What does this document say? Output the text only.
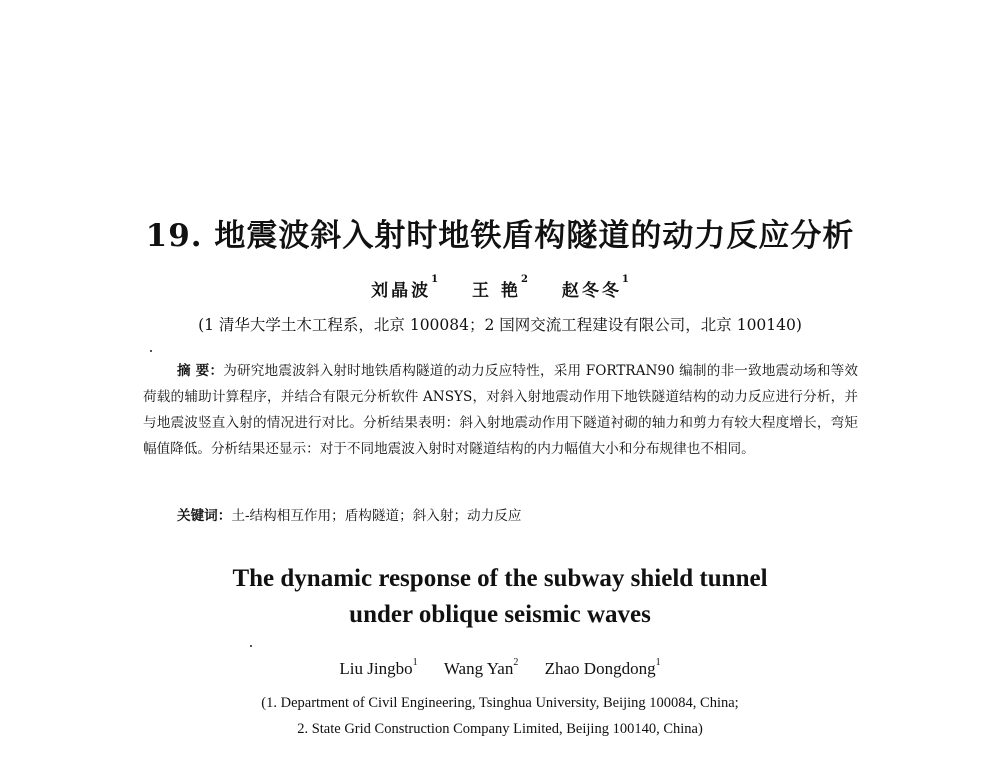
19. 地震波斜入射时地铁盾构隧道的动力反应分析
刘晶波$^1$ 王 艳$^2$ 赵冬冬$^1$
(1 清华大学土木工程系，北京 100084；2 国网交流工程建设有限公司，北京 100140)
摘 要：为研究地震波斜入射时地铁盾构隧道的动力反应特性，采用 FORTRAN90 编制的非一致地震动场和等效荷载的辅助计算程序，并结合有限元分析软件 ANSYS，对斜入射地震动作用下地铁隧道结构的动力反应进行分析，并与地震波竖直入射的情况进行对比。分析结果表明：斜入射地震动作用下隧道衬砌的轴力和剪力有较大程度增长，弯矩幅值降低。分析结果还显示：对于不同地震波入射时对隧道结构的内力幅值大小和分布规律也不相同。
关键词：土-结构相互作用；盾构隧道；斜入射；动力反应
The dynamic response of the subway shield tunnel
under oblique seismic waves
Liu Jingbo$^1$ Wang Yan$^2$ Zhao Dongdong$^1$
(1. Department of Civil Engineering, Tsinghua University, Beijing 100084, China;
2. State Grid Construction Company Limited, Beijing 100140, China)
